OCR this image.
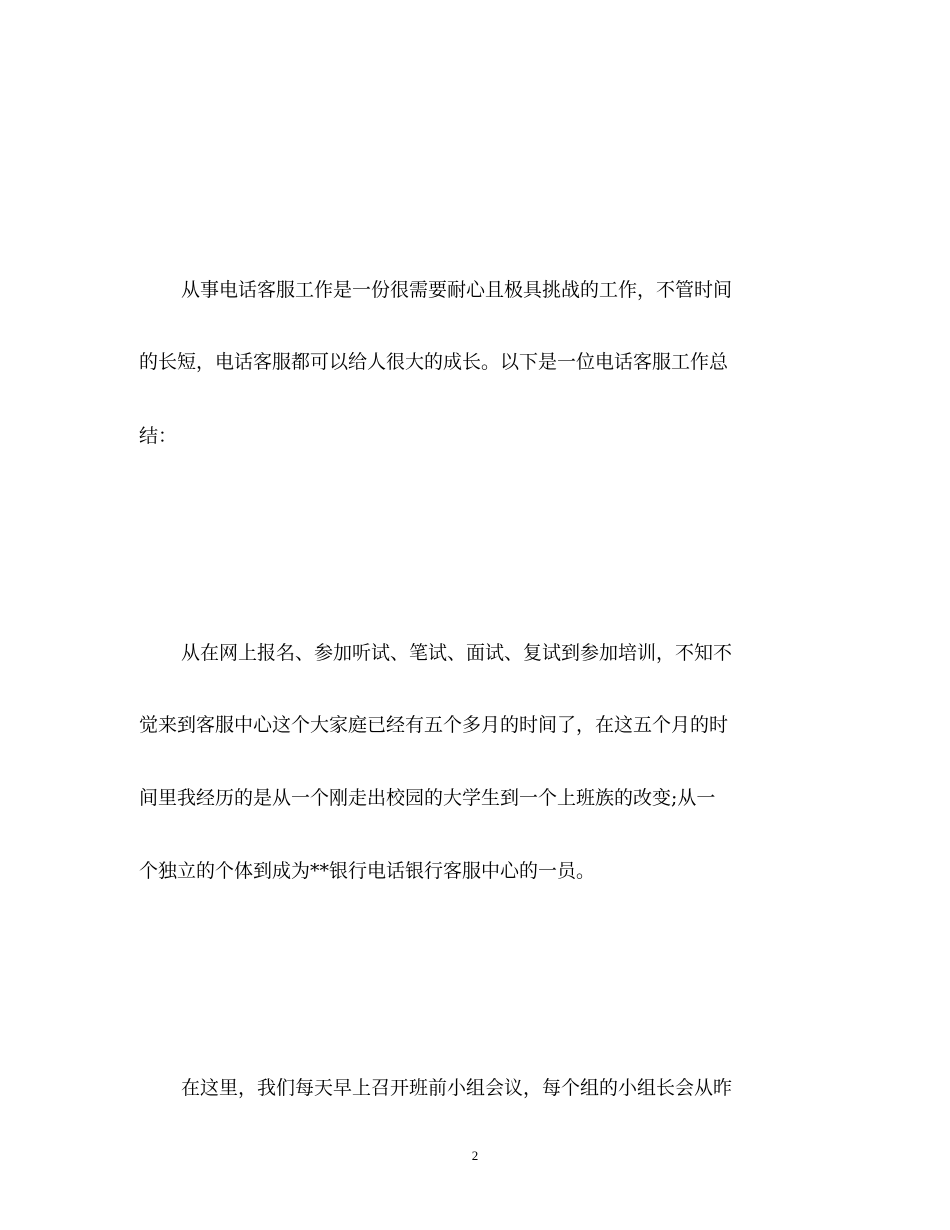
从事电话客服工作是一份很需要耐心且极具挑战的工作，不管时间
的长短，电话客服都可以给人很大的成长。以下是一位电话客服工作总
结：
从在网上报名、参加听试、笔试、面试、复试到参加培训，不知不
觉来到客服中心这个大家庭已经有五个多月的时间了，在这五个月的时
间里我经历的是从一个刚走出校园的大学生到一个上班族的改变;从一
个独立的个体到成为**银行电话银行客服中心的一员。
在这里，我们每天早上召开班前小组会议，每个组的小组长会从昨
2
